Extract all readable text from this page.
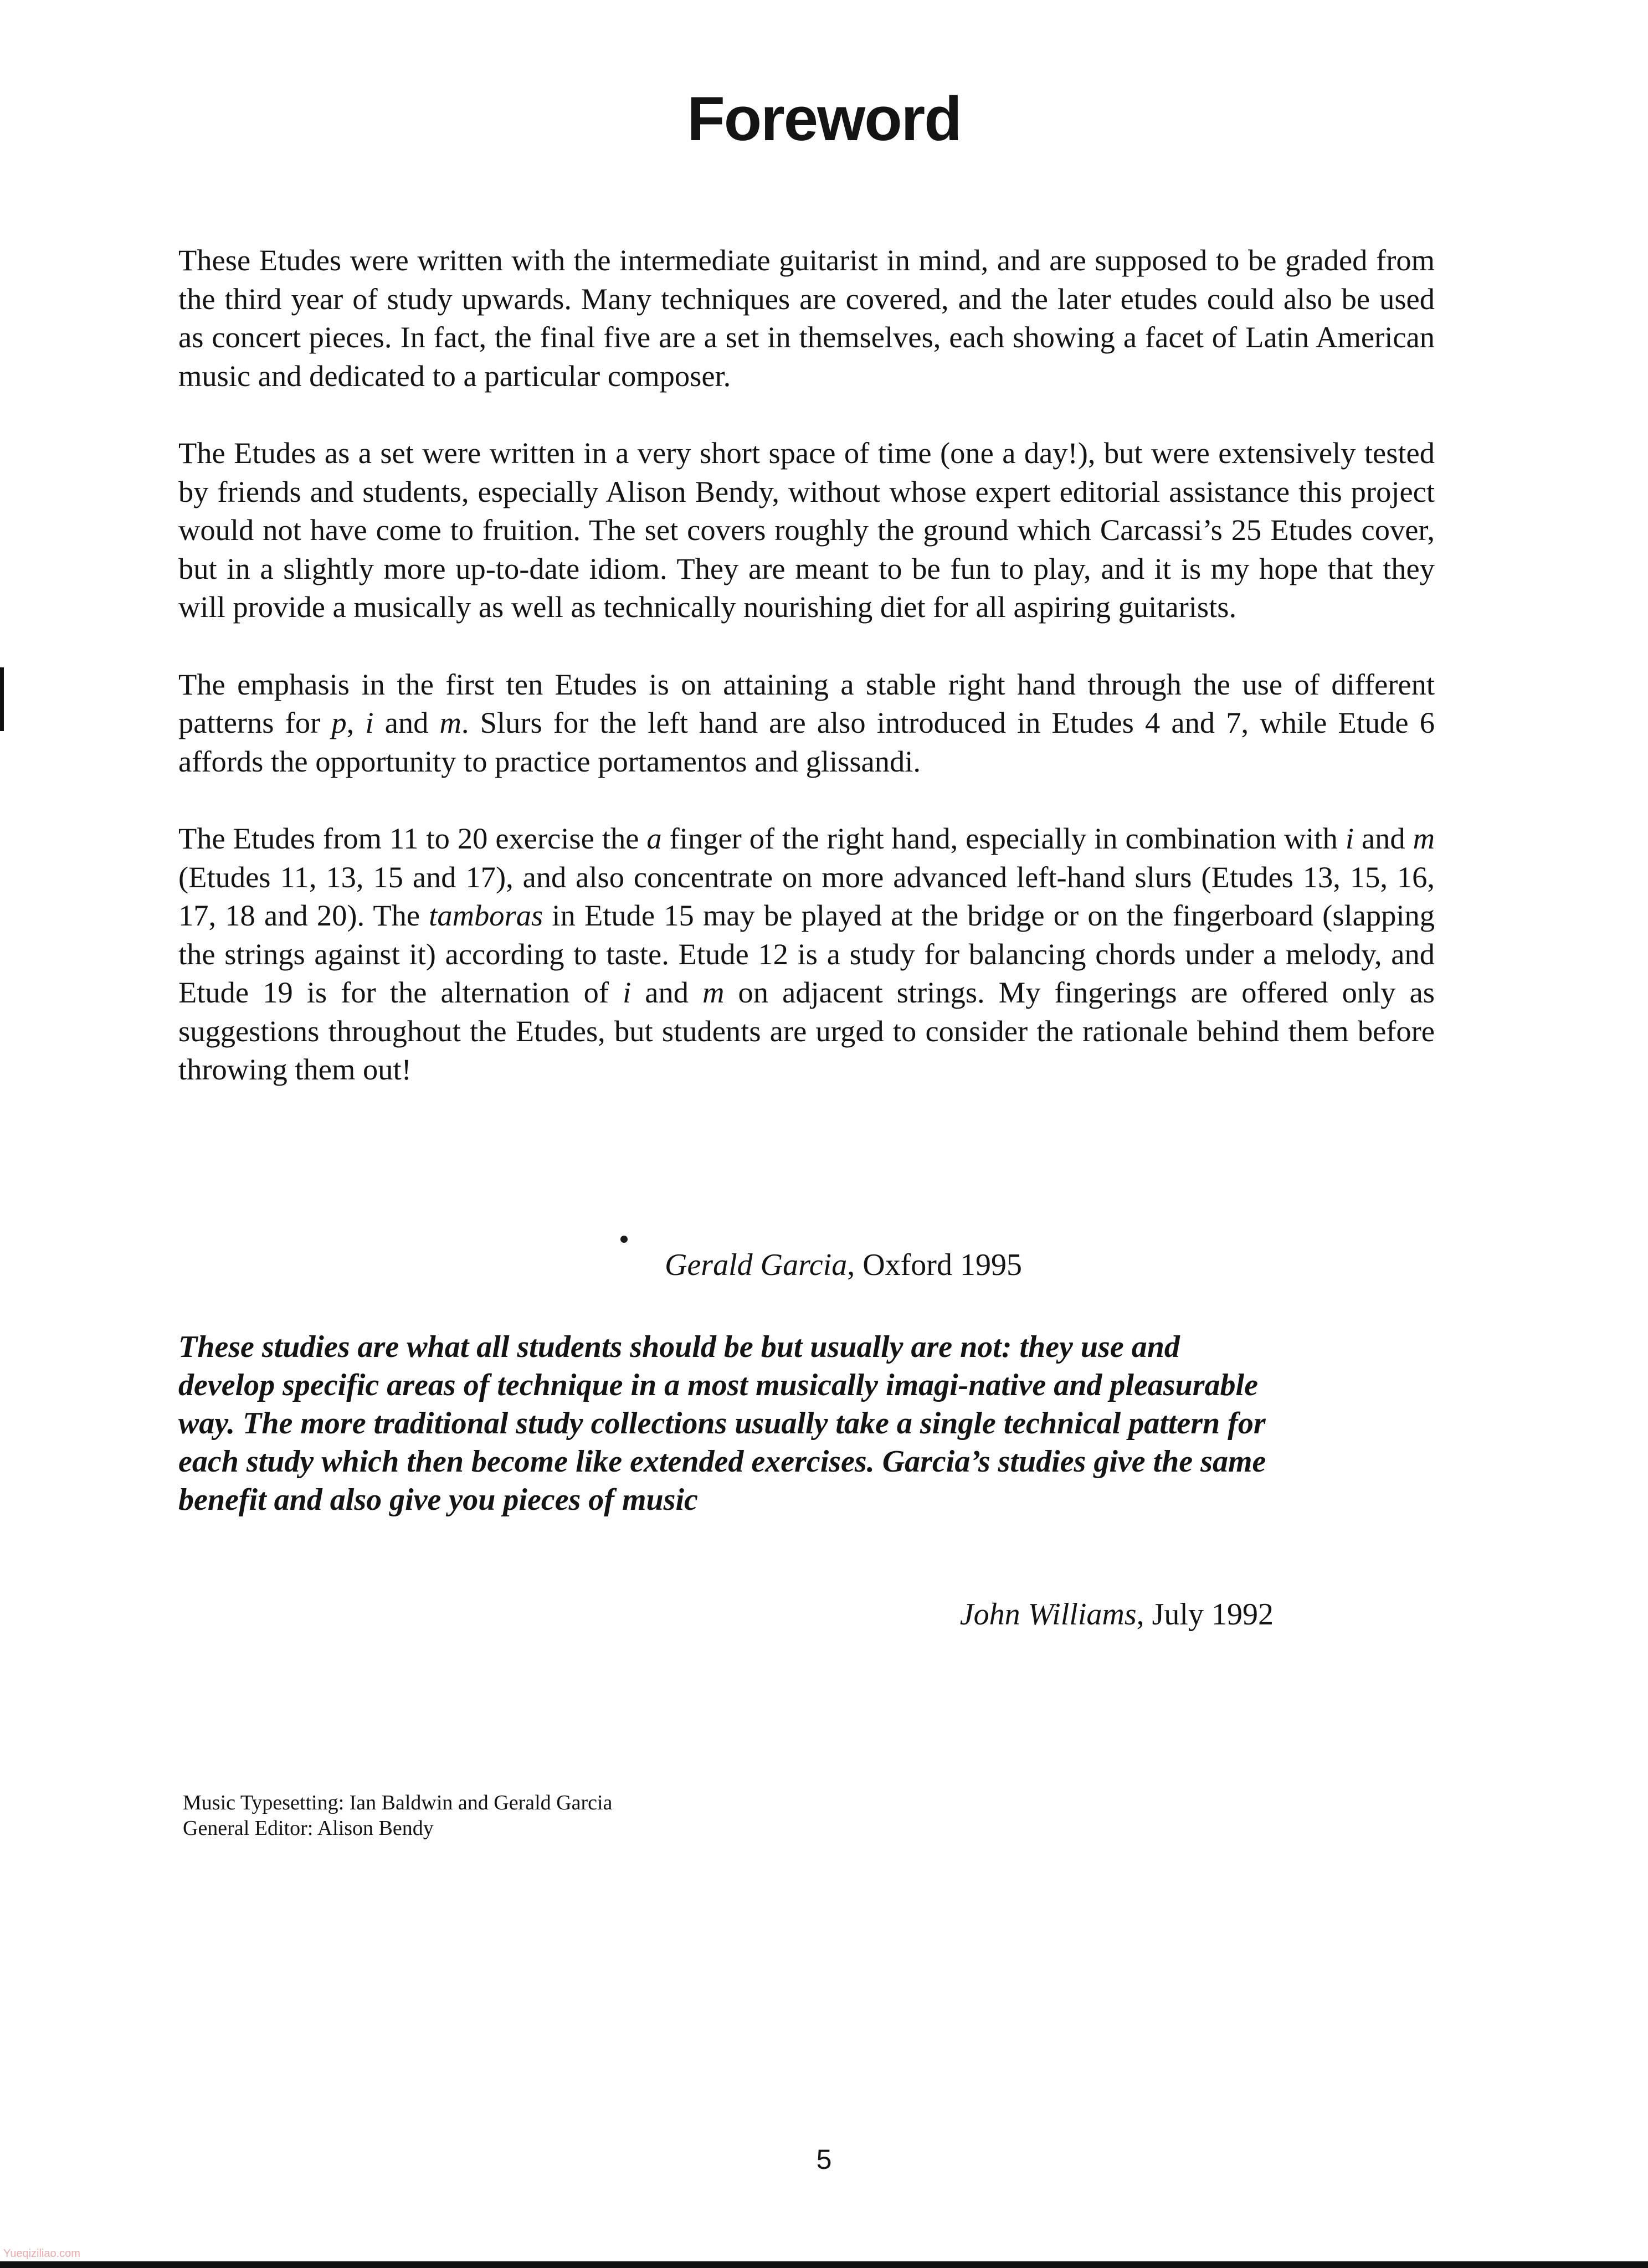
Foreword

These Etudes were written with the intermediate guitarist in mind, and are supposed to be graded from the third year of study upwards. Many techniques are covered, and the later etudes could also be used as concert pieces. In fact, the final five are a set in themselves, each showing a facet of Latin American music and dedicated to a particular composer.

The Etudes as a set were written in a very short space of time (one a day!), but were extensively tested by friends and students, especially Alison Bendy, without whose expert editorial assistance this project would not have come to fruition. The set covers roughly the ground which Carcassi’s 25 Etudes cover, but in a slightly more up-to-date idiom. They are meant to be fun to play, and it is my hope that they will provide a musically as well as technically nourishing diet for all aspiring guitarists.

The emphasis in the first ten Etudes is on attaining a stable right hand through the use of different patterns for p, i and m. Slurs for the left hand are also introduced in Etudes 4 and 7, while Etude 6 affords the opportunity to practice portamentos and glissandi.

The Etudes from 11 to 20 exercise the a finger of the right hand, especially in combination with i and m (Etudes 11, 13, 15 and 17), and also concentrate on more advanced left-hand slurs (Etudes 13, 15, 16, 17, 18 and 20). The tamboras in Etude 15 may be played at the bridge or on the fingerboard (slapping the strings against it) according to taste. Etude 12 is a study for balancing chords under a melody, and Etude 19 is for the alternation of i and m on adjacent strings. My fingerings are offered only as suggestions throughout the Etudes, but students are urged to consider the rationale behind them before throwing them out!

Gerald Garcia, Oxford 1995
These studies are what all students should be but usually are not: they use and develop specific areas of technique in a most musically imagi-native and pleasurable way. The more traditional study collections usually take a single technical pattern for each study which then become like extended exercises. Garcia’s studies give the same benefit and also give you pieces of music
John Williams, July 1992
Music Typesetting: Ian Baldwin and Gerald Garcia
General Editor: Alison Bendy
5
Yueqiziliao.com
